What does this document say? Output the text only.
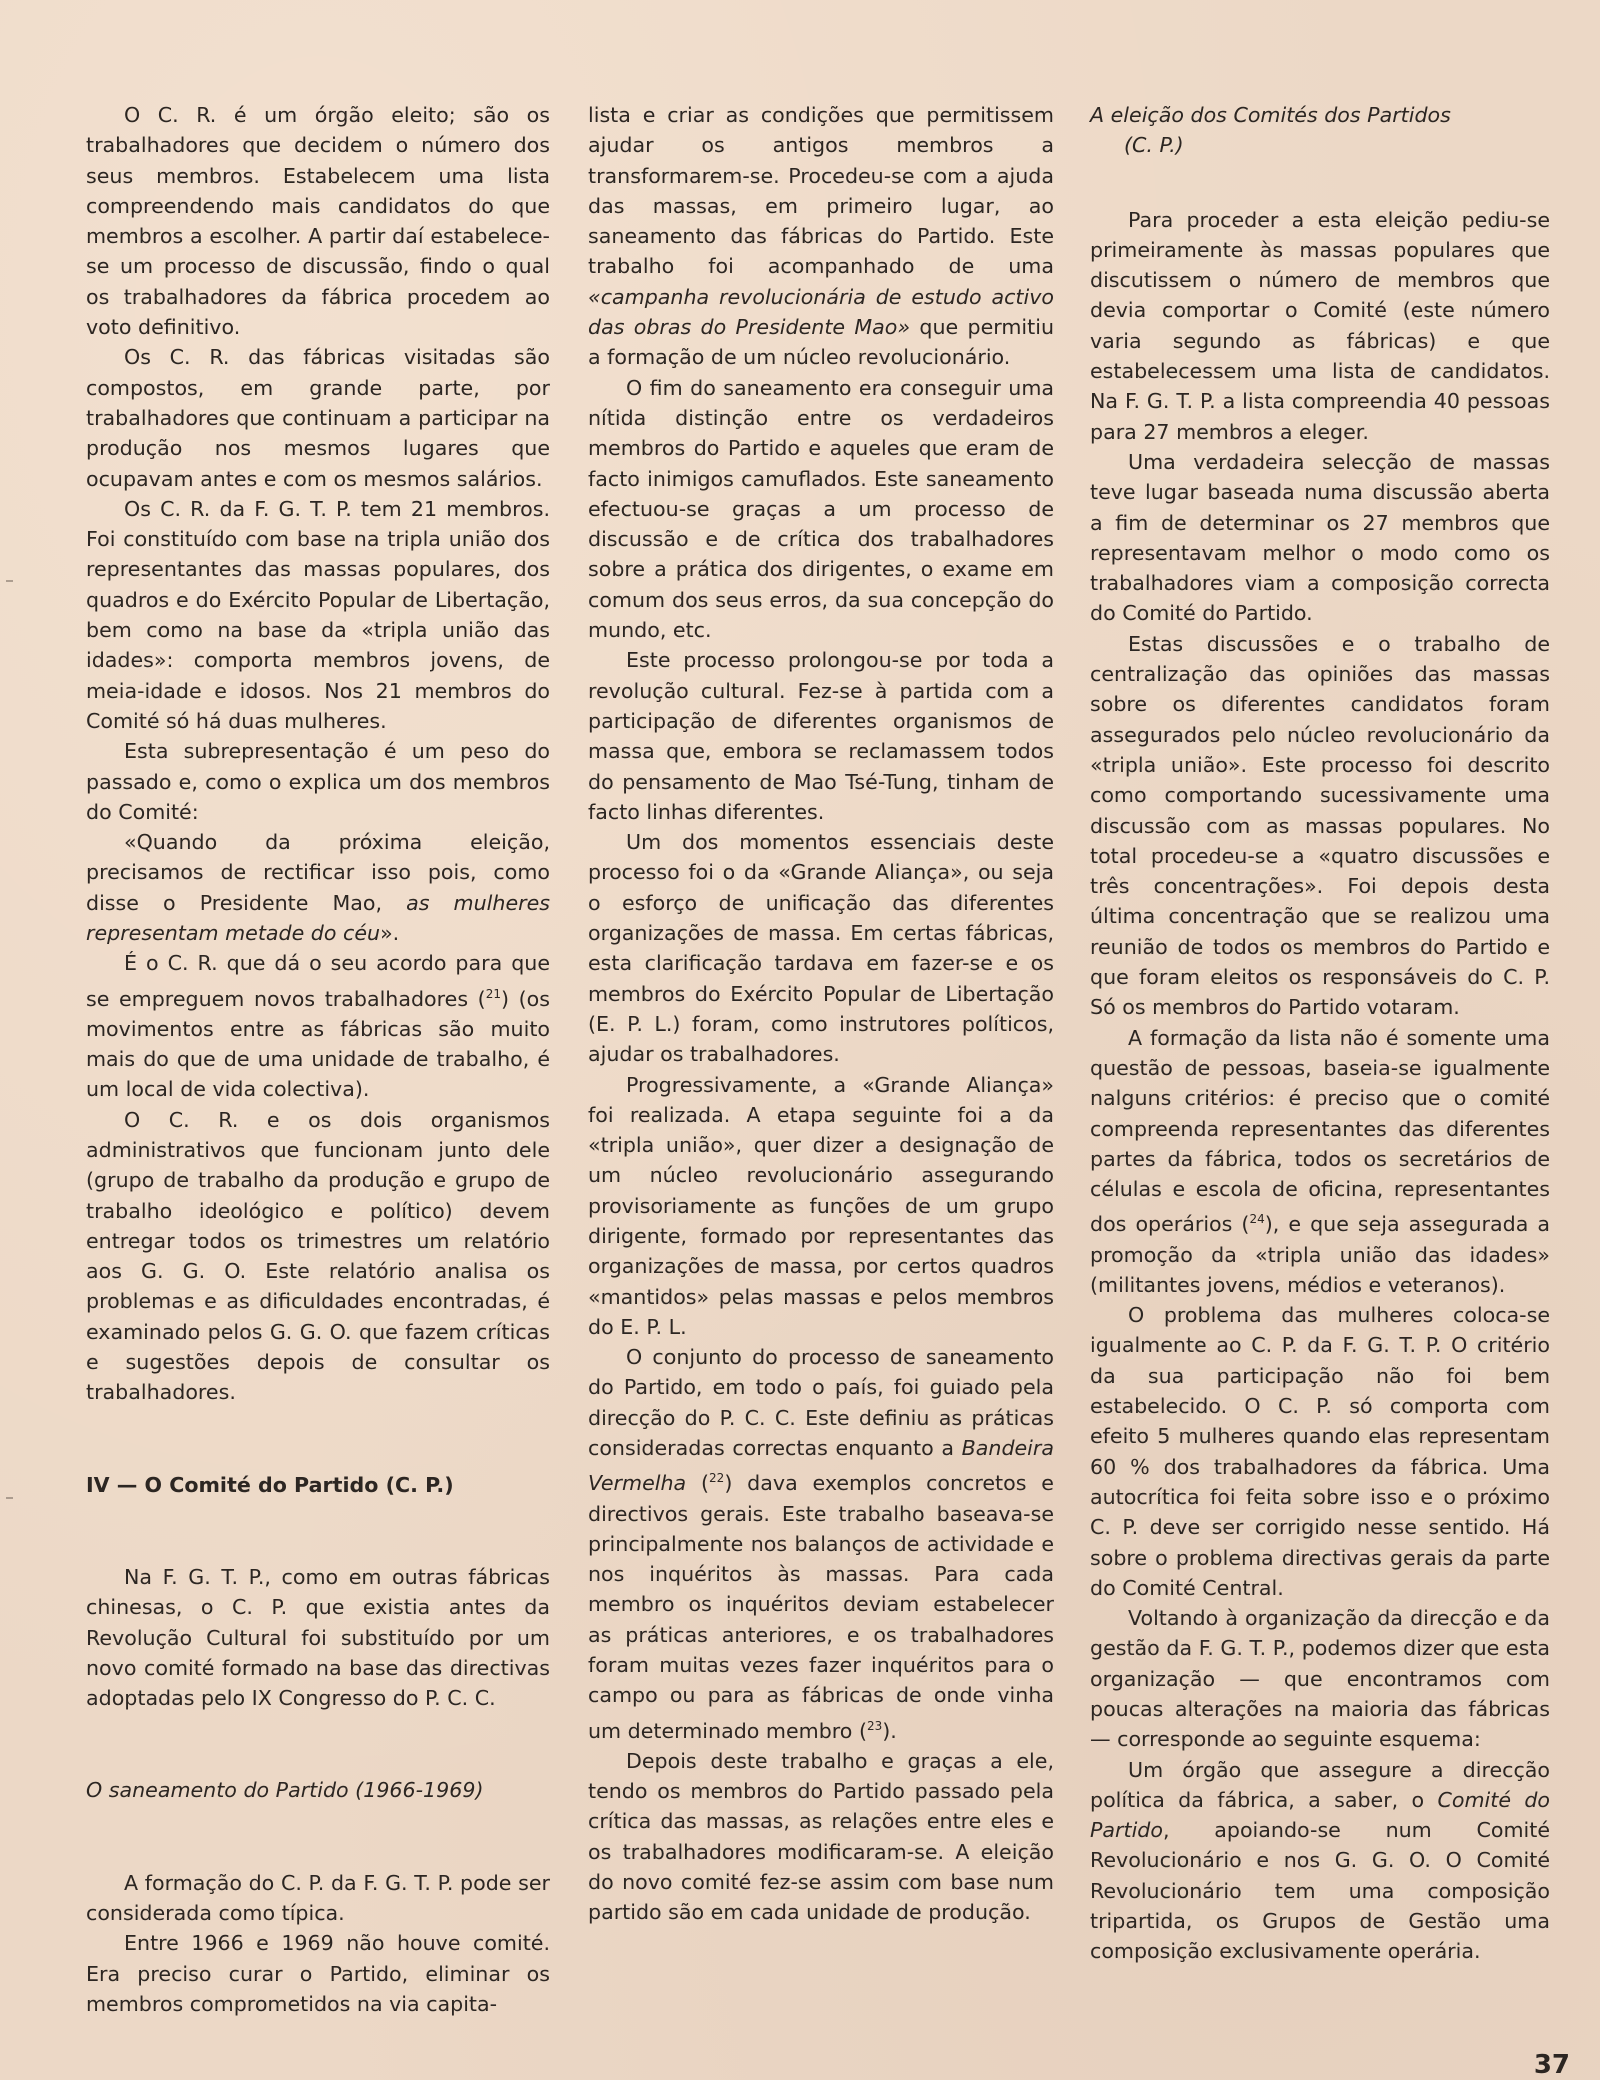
O C. R. é um órgão eleito; são os trabalhadores que decidem o número dos seus membros. Estabelecem uma lista compreendendo mais candidatos do que membros a escolher. A partir daí estabelece-se um processo de discussão, findo o qual os trabalhadores da fábrica procedem ao voto definitivo.

Os C. R. das fábricas visitadas são compostos, em grande parte, por trabalhadores que continuam a participar na produção nos mesmos lugares que ocupavam antes e com os mesmos salários.

Os C. R. da F. G. T. P. tem 21 membros. Foi constituído com base na tripla união dos representantes das massas populares, dos quadros e do Exército Popular de Libertação, bem como na base da «tripla união das idades»: comporta membros jovens, de meia-idade e idosos. Nos 21 membros do Comité só há duas mulheres.

Esta subrepresentação é um peso do passado e, como o explica um dos membros do Comité:

«Quando da próxima eleição, precisamos de rectificar isso pois, como disse o Presidente Mao, as mulheres representam metade do céu».

É o C. R. que dá o seu acordo para que se empreguem novos trabalhadores ($^{21}$) (os movimentos entre as fábricas são muito mais do que de uma unidade de trabalho, é um local de vida colectiva).

O C. R. e os dois organismos administrativos que funcionam junto dele (grupo de trabalho da produção e grupo de trabalho ideológico e político) devem entregar todos os trimestres um relatório aos G. G. O. Este relatório analisa os problemas e as dificuldades encontradas, é examinado pelos G. G. O. que fazem críticas e sugestões depois de consultar os trabalhadores.

IV — O Comité do Partido (C. P.)

Na F. G. T. P., como em outras fábricas chinesas, o C. P. que existia antes da Revolução Cultural foi substituído por um novo comité formado na base das directivas adoptadas pelo IX Congresso do P. C. C.

O saneamento do Partido (1966-1969)

A formação do C. P. da F. G. T. P. pode ser considerada como típica.

Entre 1966 e 1969 não houve comité. Era preciso curar o Partido, eliminar os membros comprometidos na via capita-

lista e criar as condições que permitissem ajudar os antigos membros a transformarem-se. Procedeu-se com a ajuda das massas, em primeiro lugar, ao saneamento das fábricas do Partido. Este trabalho foi acompanhado de uma «campanha revolucionária de estudo activo das obras do Presidente Mao» que permitiu a formação de um núcleo revolucionário.

O fim do saneamento era conseguir uma nítida distinção entre os verdadeiros membros do Partido e aqueles que eram de facto inimigos camuflados. Este saneamento efectuou-se graças a um processo de discussão e de crítica dos trabalhadores sobre a prática dos dirigentes, o exame em comum dos seus erros, da sua concepção do mundo, etc.

Este processo prolongou-se por toda a revolução cultural. Fez-se à partida com a participação de diferentes organismos de massa que, embora se reclamassem todos do pensamento de Mao Tsé-Tung, tinham de facto linhas diferentes.

Um dos momentos essenciais deste processo foi o da «Grande Aliança», ou seja o esforço de unificação das diferentes organizações de massa. Em certas fábricas, esta clarificação tardava em fazer-se e os membros do Exército Popular de Libertação (E. P. L.) foram, como instrutores políticos, ajudar os trabalhadores.

Progressivamente, a «Grande Aliança» foi realizada. A etapa seguinte foi a da «tripla união», quer dizer a designação de um núcleo revolucionário assegurando provisoriamente as funções de um grupo dirigente, formado por representantes das organizações de massa, por certos quadros «mantidos» pelas massas e pelos membros do E. P. L.

O conjunto do processo de saneamento do Partido, em todo o país, foi guiado pela direcção do P. C. C. Este definiu as práticas consideradas correctas enquanto a Bandeira Vermelha ($^{22}$) dava exemplos concretos e directivos gerais. Este trabalho baseava-se principalmente nos balanços de actividade e nos inquéritos às massas. Para cada membro os inquéritos deviam estabelecer as práticas anteriores, e os trabalhadores foram muitas vezes fazer inquéritos para o campo ou para as fábricas de onde vinha um determinado membro ($^{23}$).

Depois deste trabalho e graças a ele, tendo os membros do Partido passado pela crítica das massas, as relações entre eles e os trabalhadores modificaram-se. A eleição do novo comité fez-se assim com base num partido são em cada unidade de produção.

A eleição dos Comités dos Partidos

(C. P.)

Para proceder a esta eleição pediu-se primeiramente às massas populares que discutissem o número de membros que devia comportar o Comité (este número varia segundo as fábricas) e que estabelecessem uma lista de candidatos. Na F. G. T. P. a lista compreendia 40 pessoas para 27 membros a eleger.

Uma verdadeira selecção de massas teve lugar baseada numa discussão aberta a fim de determinar os 27 membros que representavam melhor o modo como os trabalhadores viam a composição correcta do Comité do Partido.

Estas discussões e o trabalho de centralização das opiniões das massas sobre os diferentes candidatos foram assegurados pelo núcleo revolucionário da «tripla união». Este processo foi descrito como comportando sucessivamente uma discussão com as massas populares. No total procedeu-se a «quatro discussões e três concentrações». Foi depois desta última concentração que se realizou uma reunião de todos os membros do Partido e que foram eleitos os responsáveis do C. P. Só os membros do Partido votaram.

A formação da lista não é somente uma questão de pessoas, baseia-se igualmente nalguns critérios: é preciso que o comité compreenda representantes das diferentes partes da fábrica, todos os secretários de células e escola de oficina, representantes dos operários ($^{24}$), e que seja assegurada a promoção da «tripla união das idades» (militantes jovens, médios e veteranos).

O problema das mulheres coloca-se igualmente ao C. P. da F. G. T. P. O critério da sua participação não foi bem estabelecido. O C. P. só comporta com efeito 5 mulheres quando elas representam 60 % dos trabalhadores da fábrica. Uma autocrítica foi feita sobre isso e o próximo C. P. deve ser corrigido nesse sentido. Há sobre o problema directivas gerais da parte do Comité Central.

Voltando à organização da direcção e da gestão da F. G. T. P., podemos dizer que esta organização — que encontramos com poucas alterações na maioria das fábricas — corresponde ao seguinte esquema:

Um órgão que assegure a direcção política da fábrica, a saber, o Comité do Partido, apoiando-se num Comité Revolucionário e nos G. G. O. O Comité Revolucionário tem uma composição tripartida, os Grupos de Gestão uma composição exclusivamente operária.

37
